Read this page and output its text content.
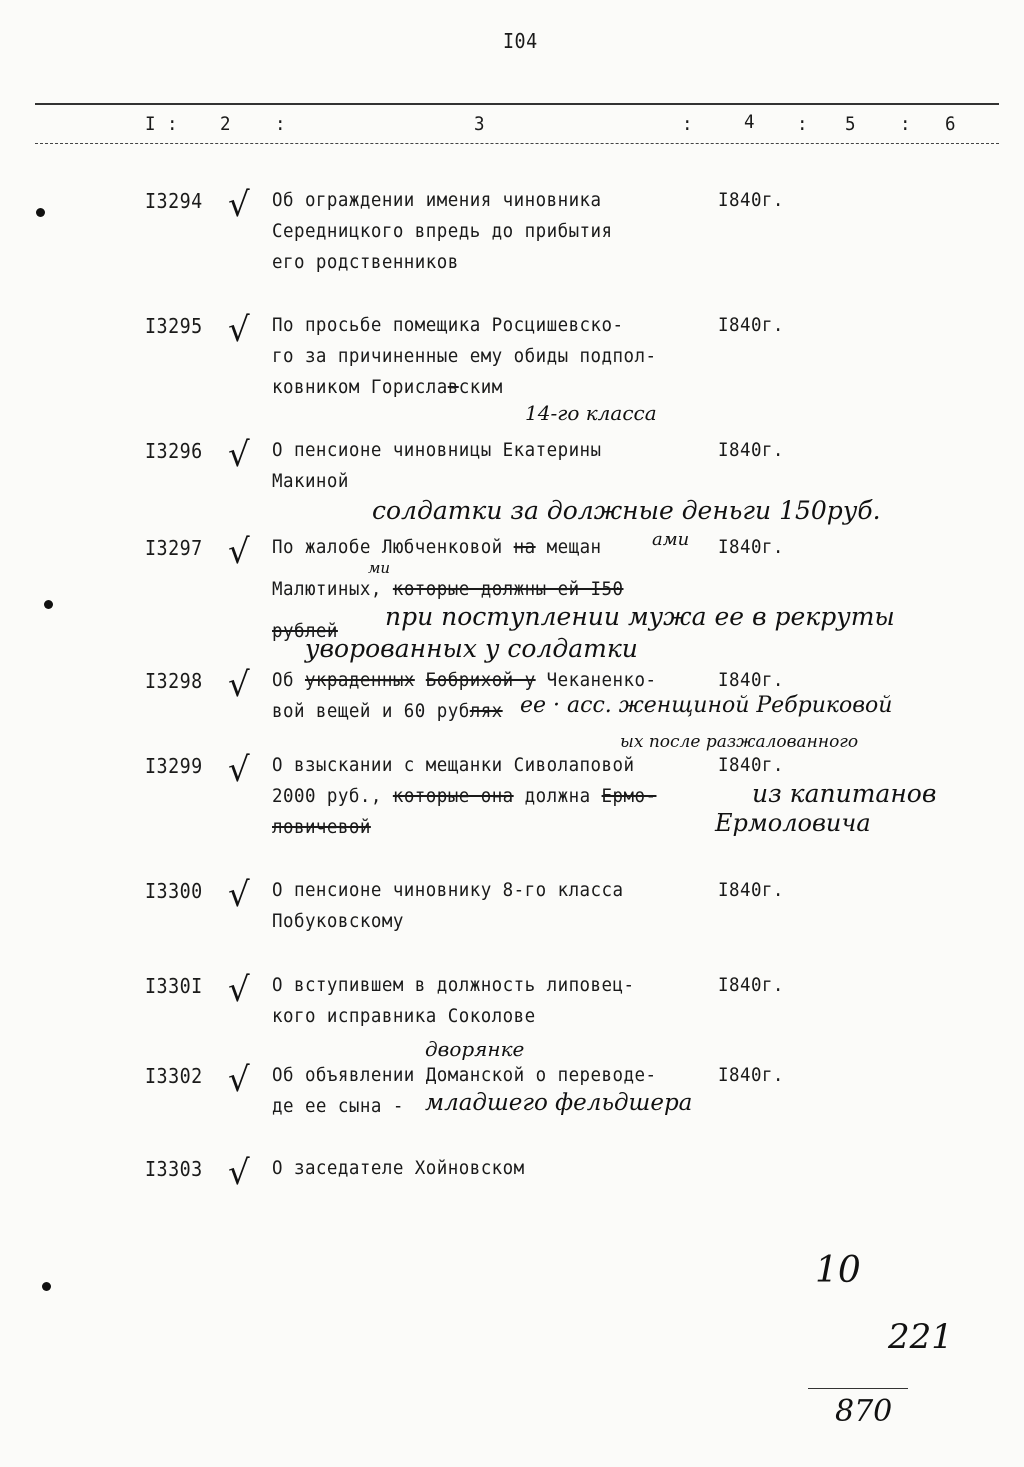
I04
I : 2 :	3	:	4 : 5 : 6
I3294 √ Об ограждении имения чиновника
Середницкого впредь до прибытия
его родственников
I840г.
I3295 √ По просьбе помещика Росцишевско-
го за причиненные ему обиды подпол-
ковником Гориславским
I840г.
I3296 √ О пенсионе чиновницы Екатерины
Макиной
I840г.
I3297 √ По жалобе Любченковой на мещан
Малютиных, которые должны ей I50
рублей
I840г.
I3298 √ Об украденных Бобрихой у Чеканенко-
вой вещей и 60 рублях
I840г.
I3299 √ О взыскании с мещанки Сиволаповой
2000 руб., которые она должна Ермо-
ловичевой
I840г.
I3300 √ О пенсионе чиновнику 8-го класса
Побуковскому
I840г.
I330I √ О вступившем в должность липовец-
кого исправника Соколове
I840г.
I3302 √ Об объявлении Доманской о переводе-
де ее сына -
I840г.
I3303 √ О заседателе Хойновском
14-го класса
солдатки за должные деньги 150руб.
ми
ами
при поступлении мужа ее в рекруты
уворованных у солдатки
ее · асс. женщиной Ребриковой
ых после разжалованного
из капитанов
Ермоловича
дворянке
младшего фельдшера
10
221
870
